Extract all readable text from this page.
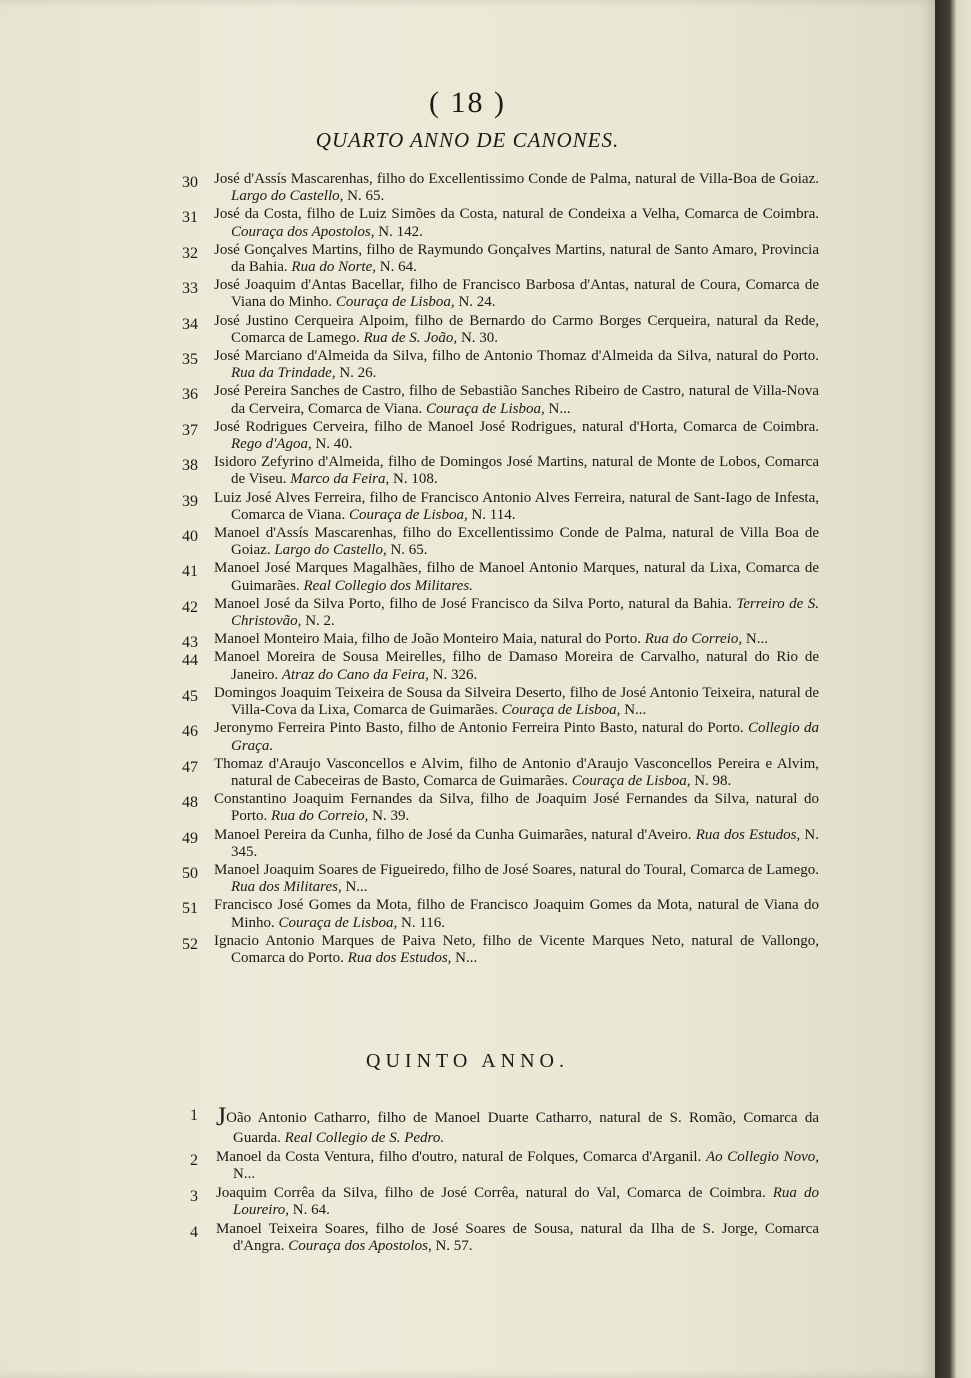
( 18 )
QUARTO ANNO DE CANONES.
30 José d'Assís Mascarenhas, filho do Excellentissimo Conde de Palma, natural de Villa-Boa de Goiaz. Largo do Castello, N. 65.
31 José da Costa, filho de Luiz Simões da Costa, natural de Condeixa a Velha, Comarca de Coimbra. Couraça dos Apostolos, N. 142.
32 José Gonçalves Martins, filho de Raymundo Gonçalves Martins, natural de Santo Amaro, Provincia da Bahia. Rua do Norte, N. 64.
33 José Joaquim d'Antas Bacellar, filho de Francisco Barbosa d'Antas, natural de Coura, Comarca de Viana do Minho. Couraça de Lisboa, N. 24.
34 José Justino Cerqueira Alpoim, filho de Bernardo do Carmo Borges Cerqueira, natural da Rede, Comarca de Lamego. Rua de S. João, N. 30.
35 José Marciano d'Almeida da Silva, filho de Antonio Thomaz d'Almeida da Silva, natural do Porto. Rua da Trindade, N. 26.
36 José Pereira Sanches de Castro, filho de Sebastião Sanches Ribeiro de Castro, natural de Villa-Nova da Cerveira, Comarca de Viana. Couraça de Lisboa, N...
37 José Rodrigues Cerveira, filho de Manoel José Rodrigues, natural d'Horta, Comarca de Coimbra. Rego d'Agoa, N. 40.
38 Isidoro Zefyrino d'Almeida, filho de Domingos José Martins, natural de Monte de Lobos, Comarca de Viseu. Marco da Feira, N. 108.
39 Luiz José Alves Ferreira, filho de Francisco Antonio Alves Ferreira, natural de Sant-Iago de Infesta, Comarca de Viana. Couraça de Lisboa, N. 114.
40 Manoel d'Assís Mascarenhas, filho do Excellentissimo Conde de Palma, natural de Villa Boa de Goiaz. Largo do Castello, N. 65.
41 Manoel José Marques Magalhães, filho de Manoel Antonio Marques, natural da Lixa, Comarca de Guimarães. Real Collegio dos Militares.
42 Manoel José da Silva Porto, filho de José Francisco da Silva Porto, natural da Bahia. Terreiro de S. Christovão, N. 2.
43 Manoel Monteiro Maia, filho de João Monteiro Maia, natural do Porto. Rua do Correio, N...
44 Manoel Moreira de Sousa Meirelles, filho de Damaso Moreira de Carvalho, natural do Rio de Janeiro. Atraz do Cano da Feira, N. 326.
45 Domingos Joaquim Teixeira de Sousa da Silveira Deserto, filho de José Antonio Teixeira, natural de Villa-Cova da Lixa, Comarca de Guimarães. Couraça de Lisboa, N...
46 Jeronymo Ferreira Pinto Basto, filho de Antonio Ferreira Pinto Basto, natural do Porto. Collegio da Graça.
47 Thomaz d'Araujo Vasconcellos e Alvim, filho de Antonio d'Araujo Vasconcellos Pereira e Alvim, natural de Cabeceiras de Basto, Comarca de Guimarães. Couraça de Lisboa, N. 98.
48 Constantino Joaquim Fernandes da Silva, filho de Joaquim José Fernandes da Silva, natural do Porto. Rua do Correio, N. 39.
49 Manoel Pereira da Cunha, filho de José da Cunha Guimarães, natural d'Aveiro. Rua dos Estudos, N. 345.
50 Manoel Joaquim Soares de Figueiredo, filho de José Soares, natural do Toural, Comarca de Lamego. Rua dos Militares, N...
51 Francisco José Gomes da Mota, filho de Francisco Joaquim Gomes da Mota, natural de Viana do Minho. Couraça de Lisboa, N. 116.
52 Ignacio Antonio Marques de Paiva Neto, filho de Vicente Marques Neto, natural de Vallongo, Comarca do Porto. Rua dos Estudos, N...
QUINTO ANNO.
1 JOão Antonio Catharro, filho de Manoel Duarte Catharro, natural de S. Romão, Comarca da Guarda. Real Collegio de S. Pedro.
2 Manoel da Costa Ventura, filho d'outro, natural de Folques, Comarca d'Arganil. Ao Collegio Novo, N...
3 Joaquim Corrêa da Silva, filho de José Corrêa, natural do Val, Comarca de Coimbra. Rua do Loureiro, N. 64.
4 Manoel Teixeira Soares, filho de José Soares de Sousa, natural da Ilha de S. Jorge, Comarca d'Angra. Couraça dos Apostolos, N. 57.
